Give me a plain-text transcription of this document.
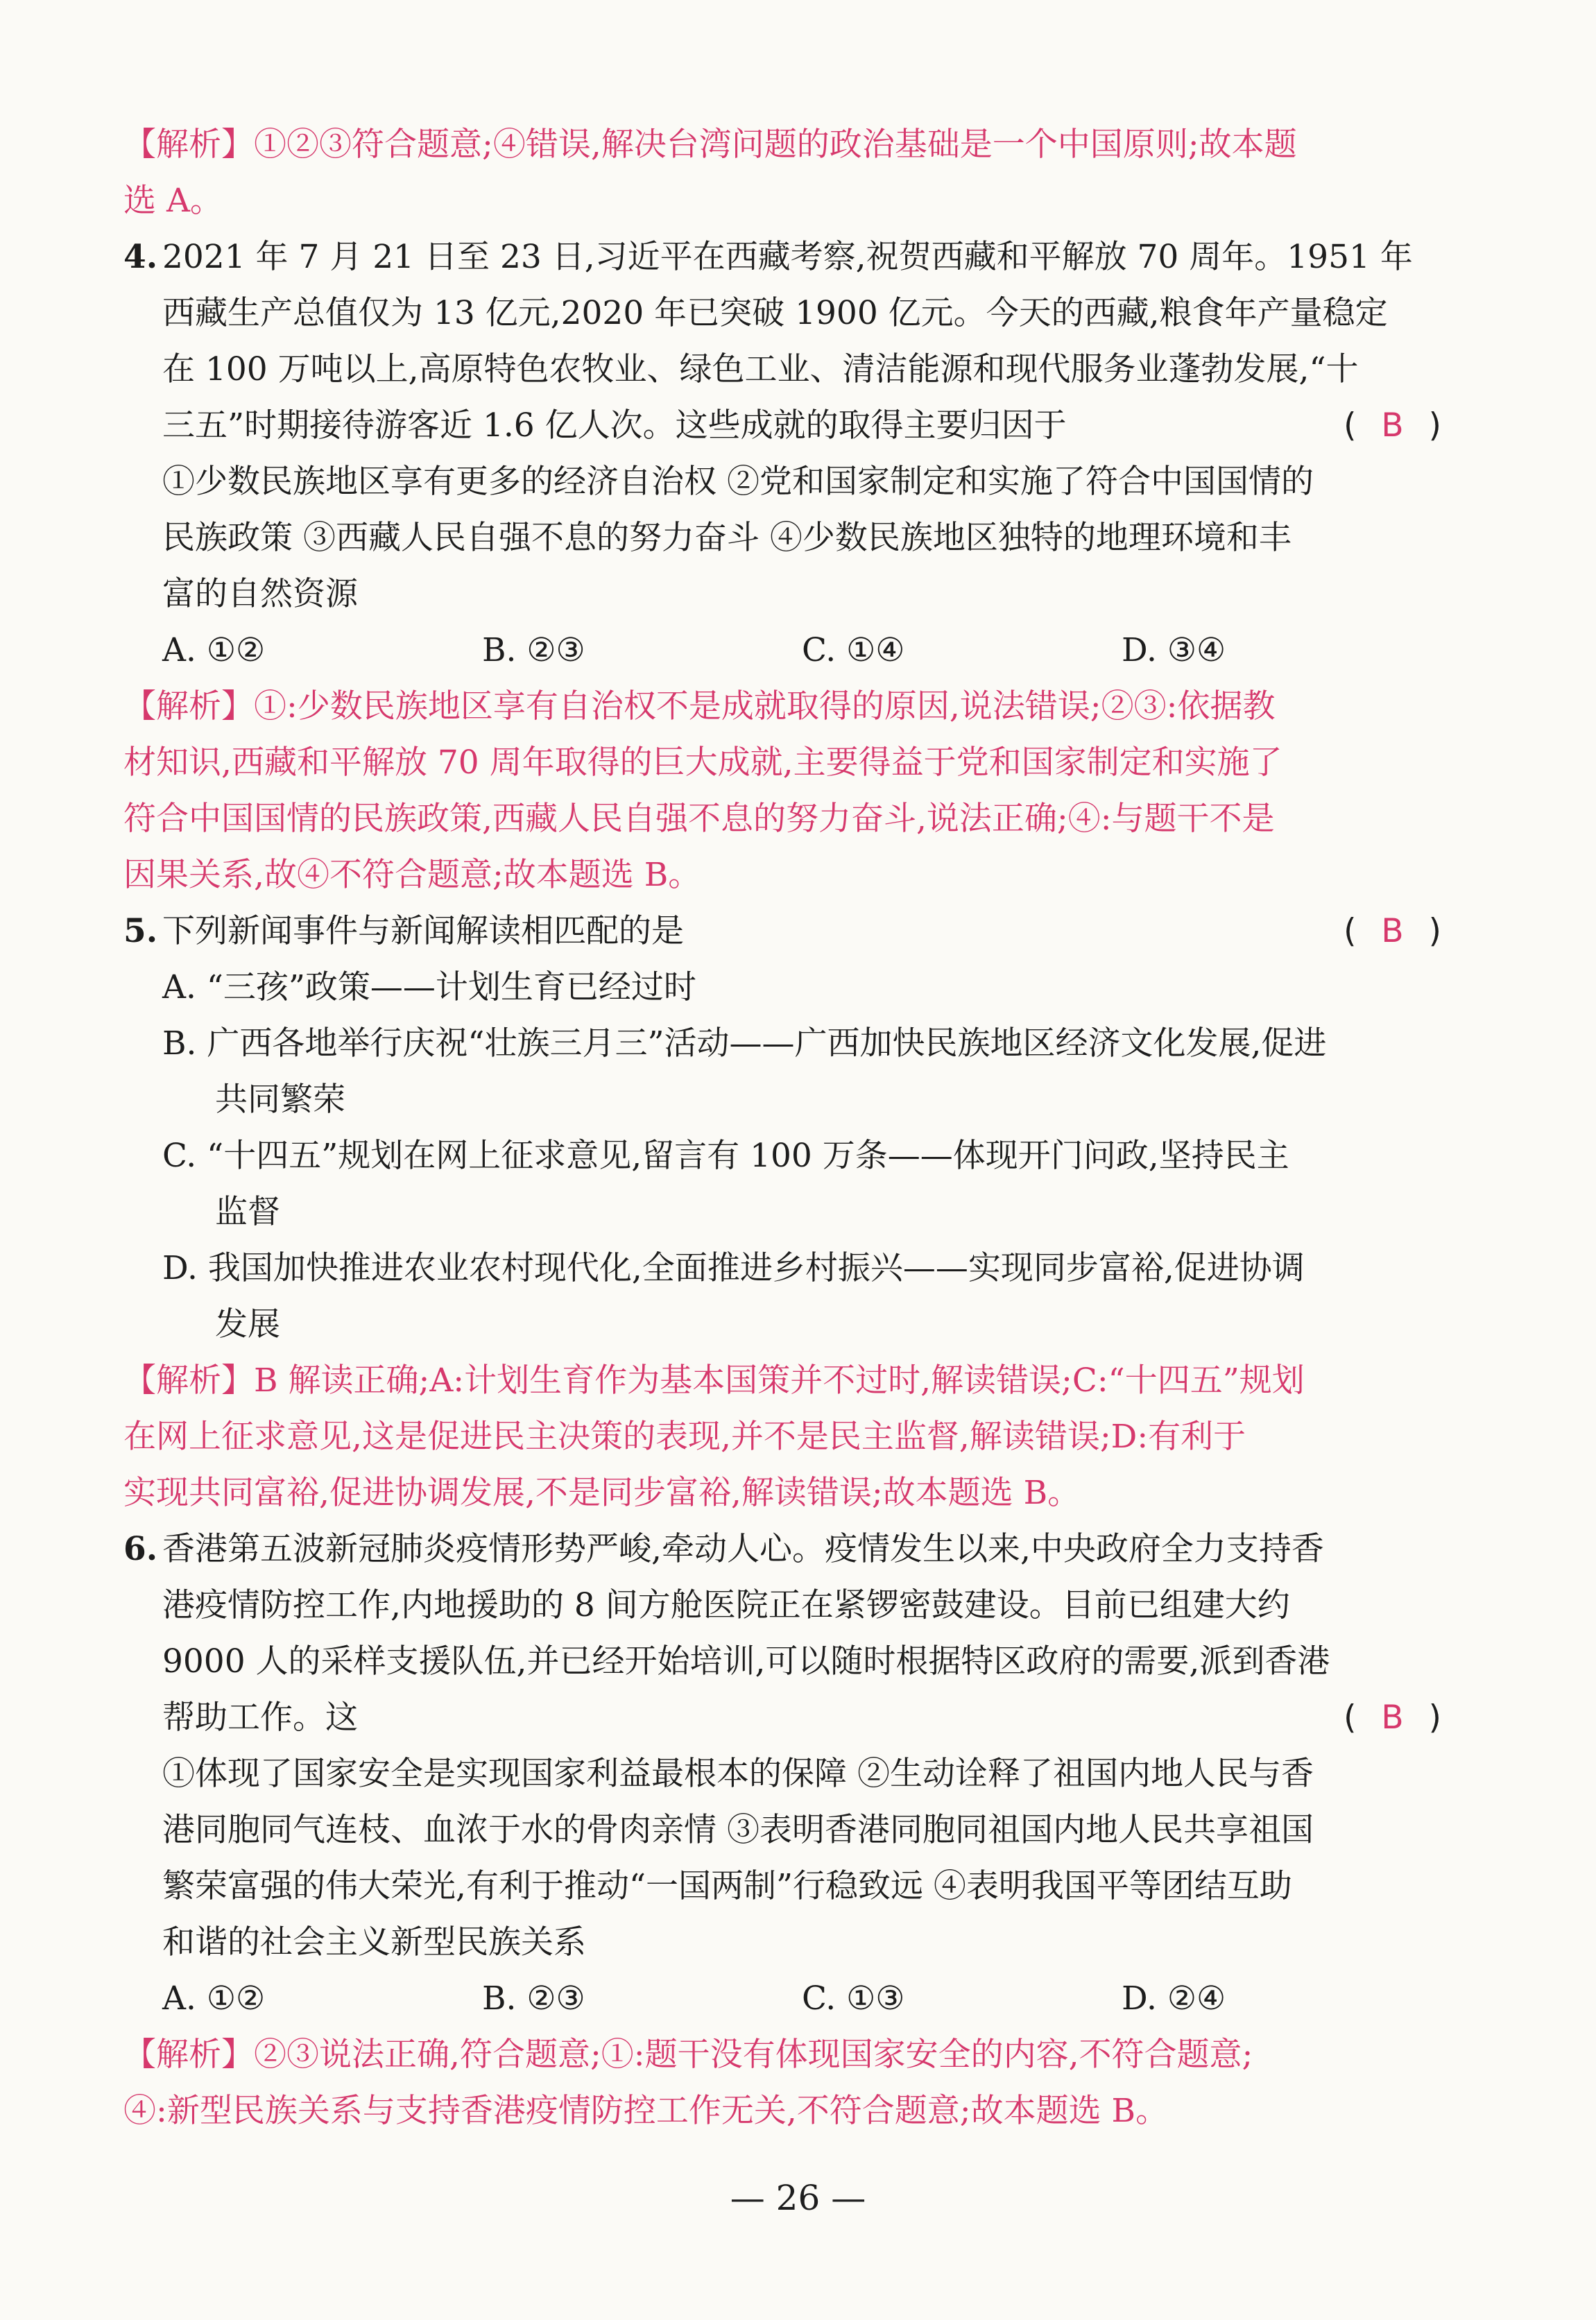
【解析】①②③符合题意;④错误,解决台湾问题的政治基础是一个中国原则;故本题
选 A。
4. 2021 年 7 月 21 日至 23 日,习近平在西藏考察,祝贺西藏和平解放 70 周年。1951 年
西藏生产总值仅为 13 亿元,2020 年已突破 1900 亿元。今天的西藏,粮食年产量稳定
在 100 万吨以上,高原特色农牧业、绿色工业、清洁能源和现代服务业蓬勃发展,“十
三五”时期接待游客近 1.6 亿人次。这些成就的取得主要归因于	( B )
①少数民族地区享有更多的经济自治权 ②党和国家制定和实施了符合中国国情的
民族政策 ③西藏人民自强不息的努力奋斗 ④少数民族地区独特的地理环境和丰
富的自然资源
A. ①②	B. ②③	C. ①④	D. ③④
【解析】①:少数民族地区享有自治权不是成就取得的原因,说法错误;②③:依据教
材知识,西藏和平解放 70 周年取得的巨大成就,主要得益于党和国家制定和实施了
符合中国国情的民族政策,西藏人民自强不息的努力奋斗,说法正确;④:与题干不是
因果关系,故④不符合题意;故本题选 B。
5. 下列新闻事件与新闻解读相匹配的是	( B )
A. “三孩”政策——计划生育已经过时
B. 广西各地举行庆祝“壮族三月三”活动——广西加快民族地区经济文化发展,促进
共同繁荣
C. “十四五”规划在网上征求意见,留言有 100 万条——体现开门问政,坚持民主
监督
D. 我国加快推进农业农村现代化,全面推进乡村振兴——实现同步富裕,促进协调
发展
【解析】B 解读正确;A:计划生育作为基本国策并不过时,解读错误;C:“十四五”规划
在网上征求意见,这是促进民主决策的表现,并不是民主监督,解读错误;D:有利于
实现共同富裕,促进协调发展,不是同步富裕,解读错误;故本题选 B。
6. 香港第五波新冠肺炎疫情形势严峻,牵动人心。疫情发生以来,中央政府全力支持香
港疫情防控工作,内地援助的 8 间方舱医院正在紧锣密鼓建设。目前已组建大约
9000 人的采样支援队伍,并已经开始培训,可以随时根据特区政府的需要,派到香港
帮助工作。这	( B )
①体现了国家安全是实现国家利益最根本的保障 ②生动诠释了祖国内地人民与香
港同胞同气连枝、血浓于水的骨肉亲情 ③表明香港同胞同祖国内地人民共享祖国
繁荣富强的伟大荣光,有利于推动“一国两制”行稳致远 ④表明我国平等团结互助
和谐的社会主义新型民族关系
A. ①②	B. ②③	C. ①③	D. ②④
【解析】②③说法正确,符合题意;①:题干没有体现国家安全的内容,不符合题意;
④:新型民族关系与支持香港疫情防控工作无关,不符合题意;故本题选 B。
— 26 —
